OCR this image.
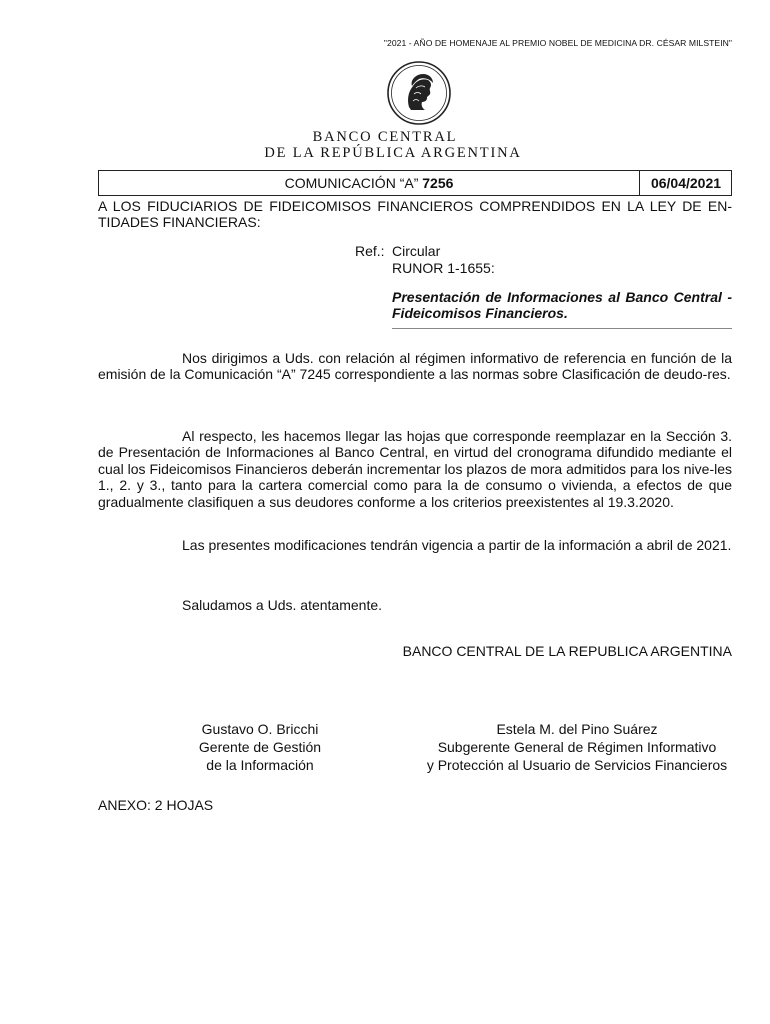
"2021 - AÑO DE HOMENAJE AL PREMIO NOBEL DE MEDICINA DR. CÉSAR MILSTEIN"
BANCO CENTRAL
DE LA REPÚBLICA ARGENTINA
COMUNICACIÓN “A” 7256	06/04/2021
A LOS FIDUCIARIOS DE FIDEICOMISOS FINANCIEROS COMPRENDIDOS EN LA LEY DE EN-TIDADES FINANCIERAS:
Ref.: Circular
RUNOR 1-1655:
Presentación de Informaciones al Banco Central - Fideicomisos Financieros.
Nos dirigimos a Uds. con relación al régimen informativo de referencia en función de la emisión de la Comunicación “A” 7245 correspondiente a las normas sobre Clasificación de deudo-res.
Al respecto, les hacemos llegar las hojas que corresponde reemplazar en la Sección 3. de Presentación de Informaciones al Banco Central, en virtud del cronograma difundido mediante el cual los Fideicomisos Financieros deberán incrementar los plazos de mora admitidos para los nive-les 1., 2. y 3., tanto para la cartera comercial como para la de consumo o vivienda, a efectos de que gradualmente clasifiquen a sus deudores conforme a los criterios preexistentes al 19.3.2020.
Las presentes modificaciones tendrán vigencia a partir de la información a abril de 2021.
Saludamos a Uds. atentamente.
BANCO CENTRAL DE LA REPUBLICA ARGENTINA
Gustavo O. Bricchi
Gerente de Gestión
de la Información
Estela M. del Pino Suárez
Subgerente General de Régimen Informativo
y Protección al Usuario de Servicios Financieros
ANEXO: 2 HOJAS
